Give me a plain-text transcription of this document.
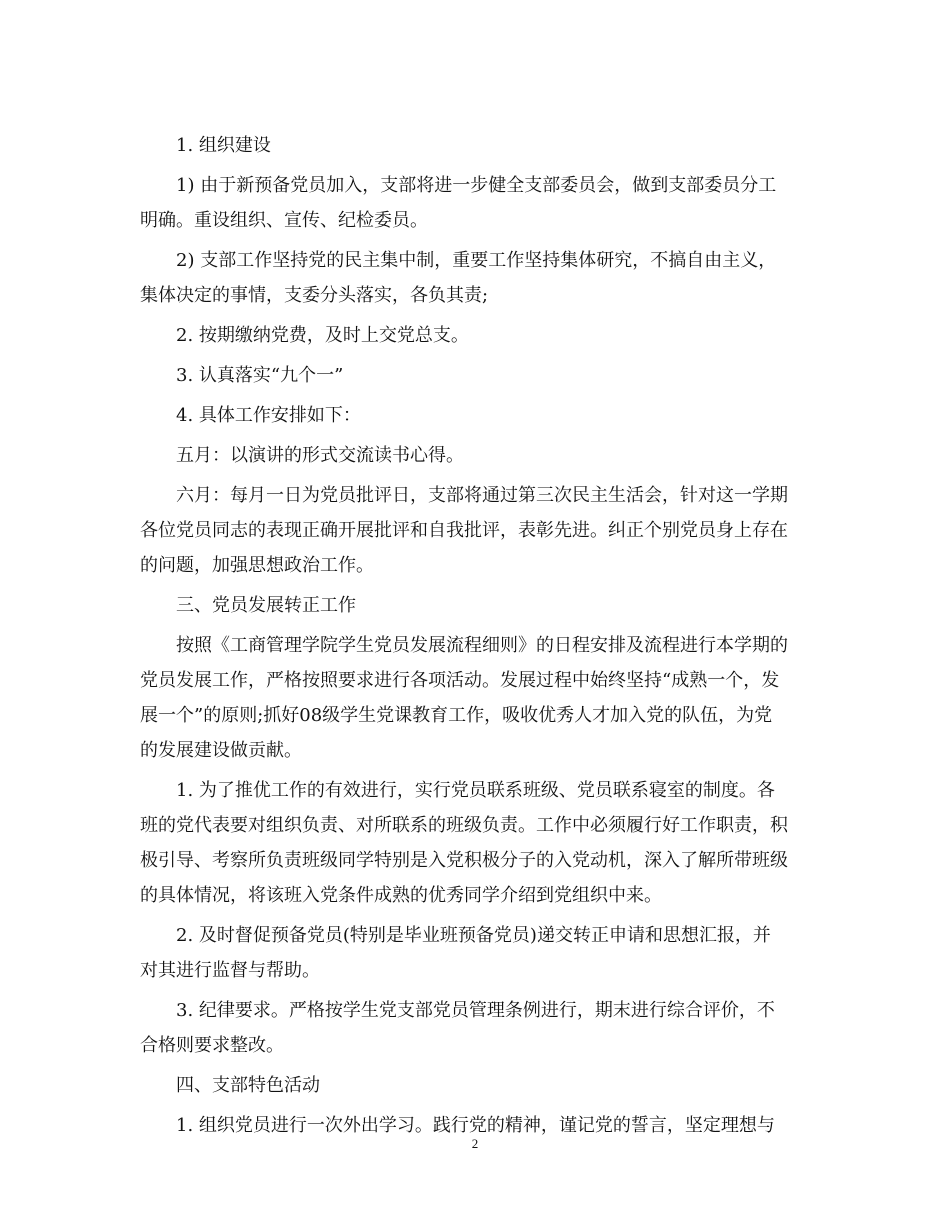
1. 组织建设
1) 由于新预备党员加入，支部将进一步健全支部委员会，做到支部委员分工
明确。重设组织、宣传、纪检委员。
2) 支部工作坚持党的民主集中制，重要工作坚持集体研究，不搞自由主义，
集体决定的事情，支委分头落实，各负其责;
2. 按期缴纳党费，及时上交党总支。
3. 认真落实“九个一”
4. 具体工作安排如下：
五月：以演讲的形式交流读书心得。
六月：每月一日为党员批评日，支部将通过第三次民主生活会，针对这一学期
各位党员同志的表现正确开展批评和自我批评，表彰先进。纠正个别党员身上存在
的问题，加强思想政治工作。
三、党员发展转正工作
按照《工商管理学院学生党员发展流程细则》的日程安排及流程进行本学期的
党员发展工作，严格按照要求进行各项活动。发展过程中始终坚持“成熟一个，发
展一个”的原则;抓好08级学生党课教育工作，吸收优秀人才加入党的队伍，为党
的发展建设做贡献。
1. 为了推优工作的有效进行，实行党员联系班级、党员联系寝室的制度。各
班的党代表要对组织负责、对所联系的班级负责。工作中必须履行好工作职责，积
极引导、考察所负责班级同学特别是入党积极分子的入党动机，深入了解所带班级
的具体情况，将该班入党条件成熟的优秀同学介绍到党组织中来。
2. 及时督促预备党员(特别是毕业班预备党员)递交转正申请和思想汇报，并
对其进行监督与帮助。
3. 纪律要求。严格按学生党支部党员管理条例进行，期末进行综合评价，不
合格则要求整改。
四、支部特色活动
1. 组织党员进行一次外出学习。践行党的精神，谨记党的誓言，坚定理想与
2
